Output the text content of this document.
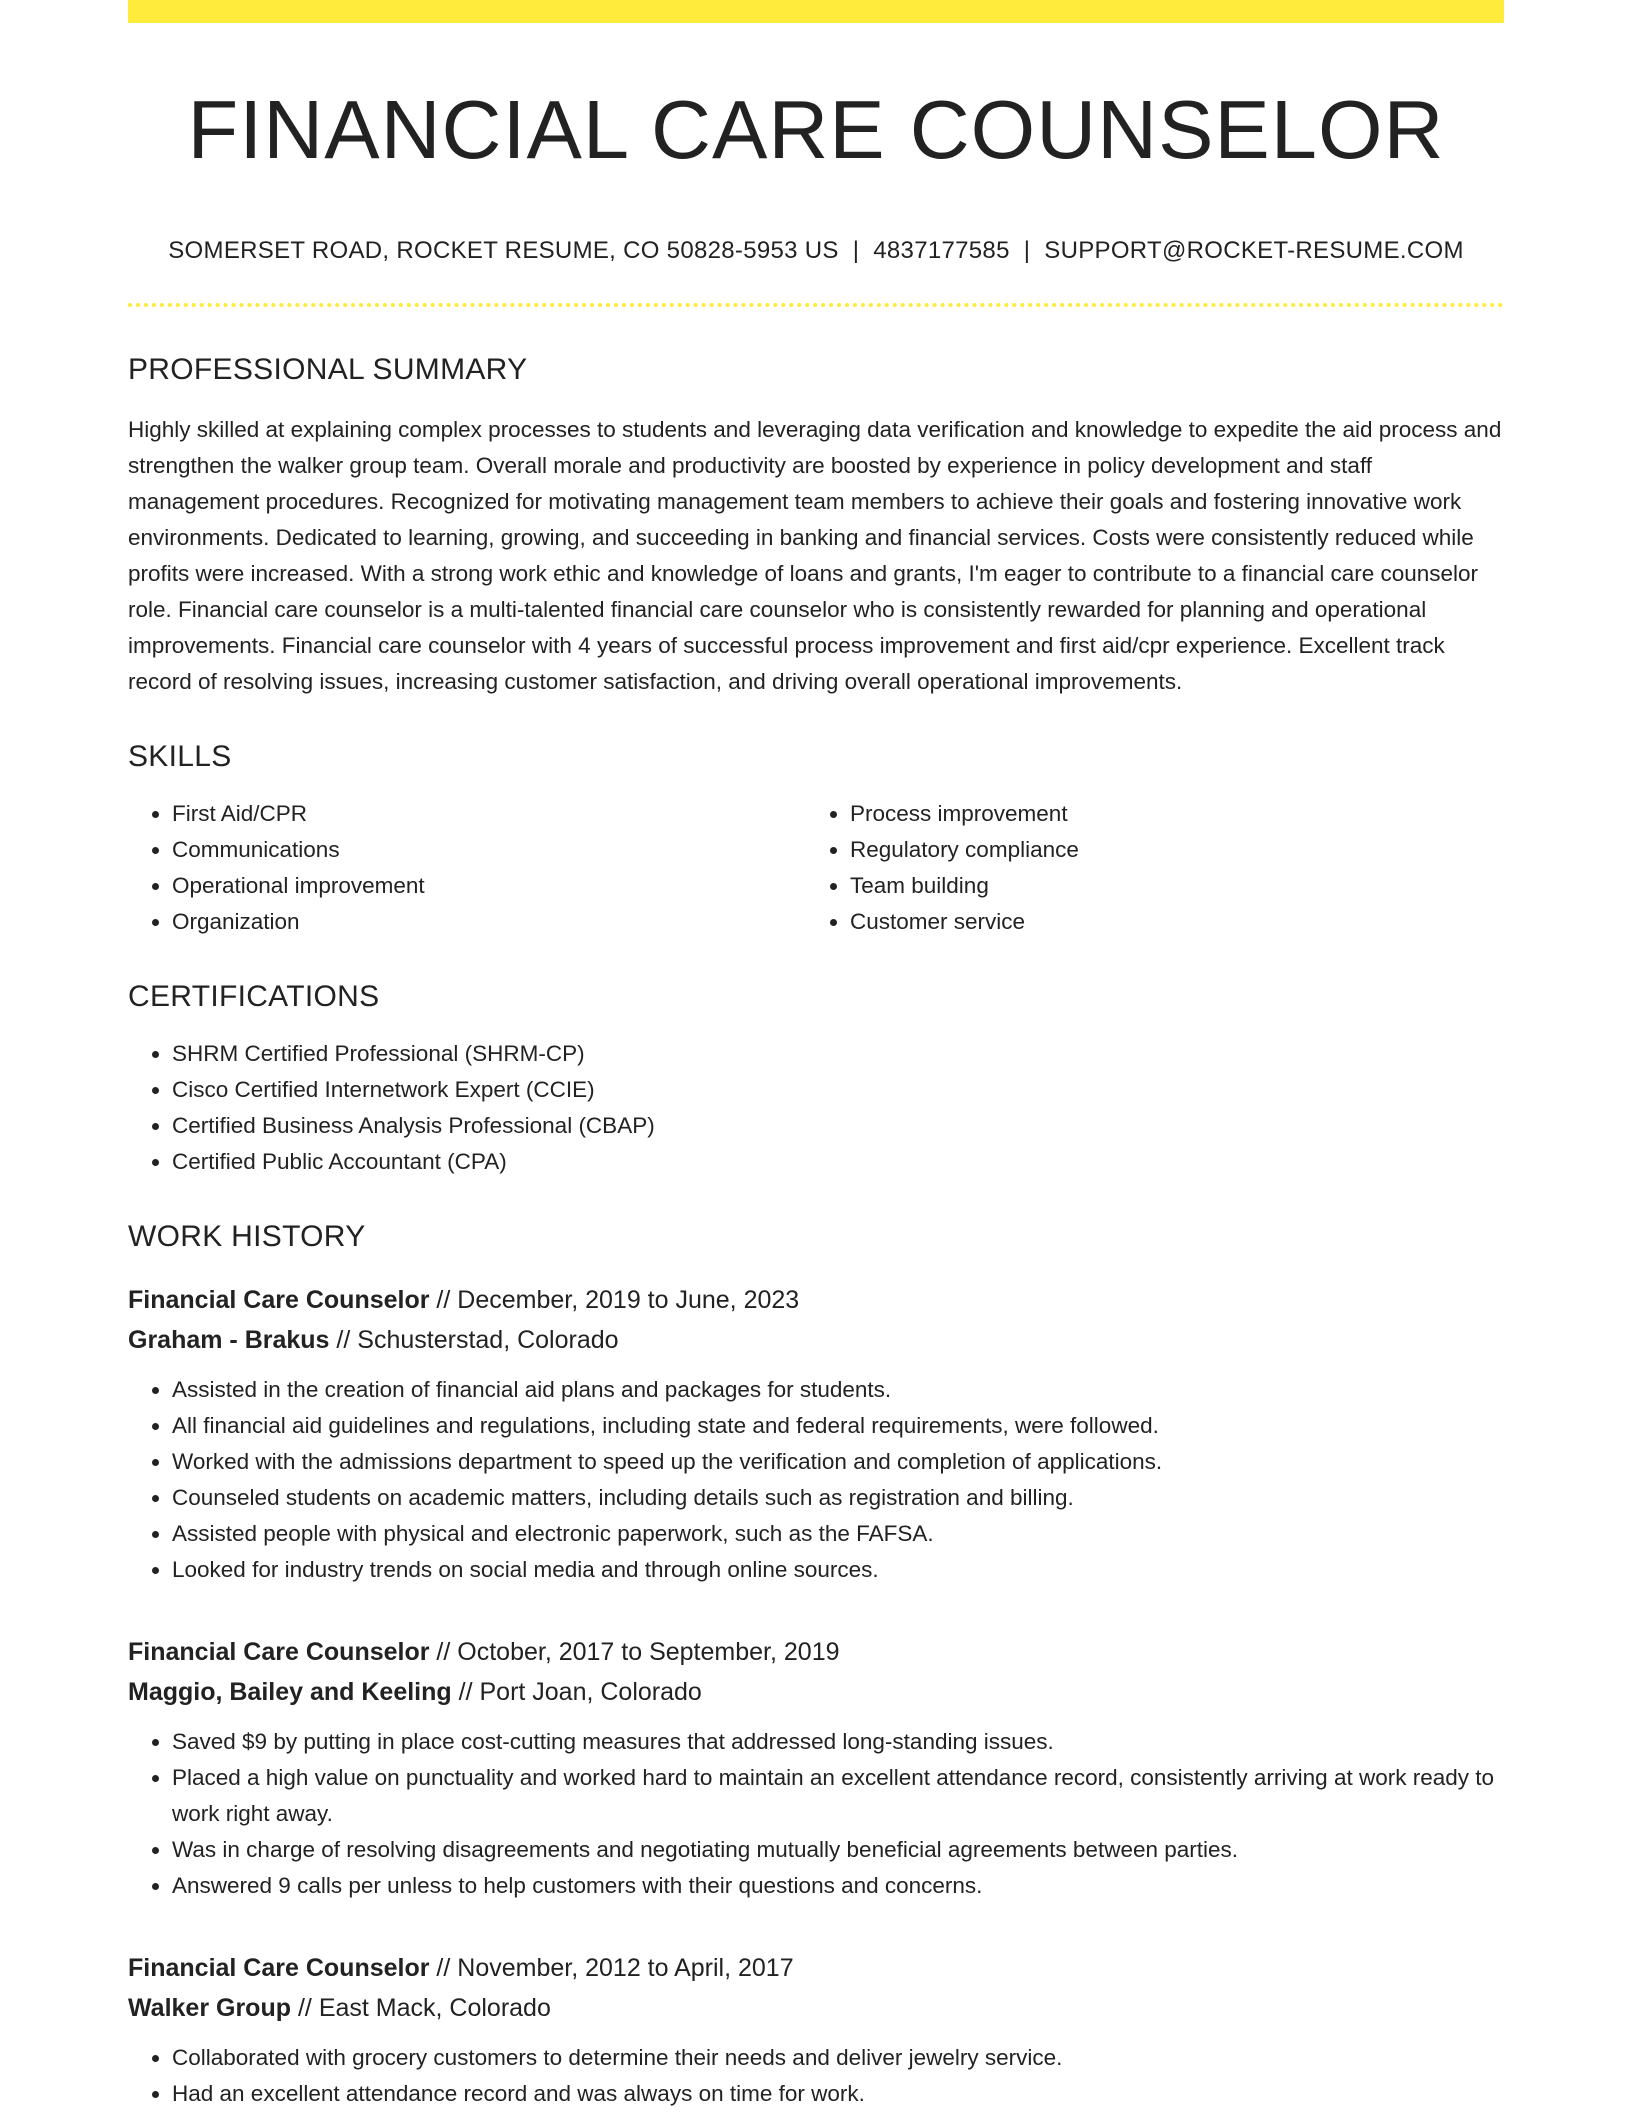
FINANCIAL CARE COUNSELOR
SOMERSET ROAD, ROCKET RESUME, CO 50828-5953 US | 4837177585 | SUPPORT@ROCKET-RESUME.COM
PROFESSIONAL SUMMARY
Highly skilled at explaining complex processes to students and leveraging data verification and knowledge to expedite the aid process and strengthen the walker group team. Overall morale and productivity are boosted by experience in policy development and staff management procedures. Recognized for motivating management team members to achieve their goals and fostering innovative work environments. Dedicated to learning, growing, and succeeding in banking and financial services. Costs were consistently reduced while profits were increased. With a strong work ethic and knowledge of loans and grants, I'm eager to contribute to a financial care counselor role. Financial care counselor is a multi-talented financial care counselor who is consistently rewarded for planning and operational improvements. Financial care counselor with 4 years of successful process improvement and first aid/cpr experience. Excellent track record of resolving issues, increasing customer satisfaction, and driving overall operational improvements.
SKILLS
• First Aid/CPR
• Communications
• Operational improvement
• Organization
• Process improvement
• Regulatory compliance
• Team building
• Customer service
CERTIFICATIONS
• SHRM Certified Professional (SHRM-CP)
• Cisco Certified Internetwork Expert (CCIE)
• Certified Business Analysis Professional (CBAP)
• Certified Public Accountant (CPA)
WORK HISTORY
Financial Care Counselor // December, 2019 to June, 2023
Graham - Brakus // Schusterstad, Colorado
• Assisted in the creation of financial aid plans and packages for students.
• All financial aid guidelines and regulations, including state and federal requirements, were followed.
• Worked with the admissions department to speed up the verification and completion of applications.
• Counseled students on academic matters, including details such as registration and billing.
• Assisted people with physical and electronic paperwork, such as the FAFSA.
• Looked for industry trends on social media and through online sources.
Financial Care Counselor // October, 2017 to September, 2019
Maggio, Bailey and Keeling // Port Joan, Colorado
• Saved $9 by putting in place cost-cutting measures that addressed long-standing issues.
• Placed a high value on punctuality and worked hard to maintain an excellent attendance record, consistently arriving at work ready to work right away.
• Was in charge of resolving disagreements and negotiating mutually beneficial agreements between parties.
• Answered 9 calls per unless to help customers with their questions and concerns.
Financial Care Counselor // November, 2012 to April, 2017
Walker Group // East Mack, Colorado
• Collaborated with grocery customers to determine their needs and deliver jewelry service.
• Had an excellent attendance record and was always on time for work.
